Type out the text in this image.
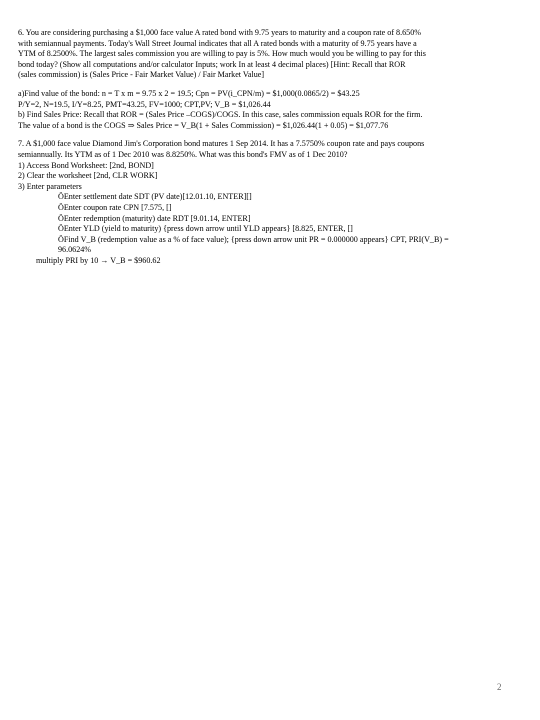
6. You are considering purchasing a $1,000 face value A rated bond with 9.75 years to maturity and a coupon rate of 8.650%

with semiannual payments. Today's Wall Street Journal indicates that all A rated bonds with a maturity of 9.75 years have a

YTM of 8.2500%. The largest sales commission you are willing to pay is 5%. How much would you be willing to pay for this

bond today? (Show all computations and/or calculator Inputs; work In at least 4 decimal places) [Hint: Recall that ROR

(sales commission) is (Sales Price - Fair Market Value) / Fair Market Value]

a)Find value of the bond: n = T x m = 9.75 x 2 = 19.5; Cpn = PV(i_CPN/m) = $1,000(0.0865/2) = $43.25

P/Y=2, N=19.5, I/Y=8.25, PMT=43.25, FV=1000; CPT,PV; V_B = $1,026.44

b) Find Sales Price: Recall that ROR = (Sales Price –COGS)/COGS. In this case, sales commission equals ROR for the firm.

The value of a bond is the COGS ⇒ Sales Price = V_B(1 + Sales Commission) = $1,026.44(1 + 0.05) = $1,077.76

7. A $1,000 face value Diamond Jim's Corporation bond matures 1 Sep 2014. It has a 7.5750% coupon rate and pays coupons

semiannually. Its YTM as of 1 Dec 2010 was 8.8250%. What was this bond's FMV as of 1 Dec 2010?

1) Access Bond Worksheet: [2nd, BOND]

2) Clear the worksheet [2nd, CLR WORK]

3) Enter parameters

ÖEnter settlement date SDT (PV date)[12.01.10, ENTER][]

ÖEnter coupon rate CPN [7.575, []

ÖEnter redemption (maturity) date RDT [9.01.14, ENTER]

ÖEnter YLD (yield to maturity) {press down arrow until YLD appears} [8.825, ENTER, []

ÖFind V_B (redemption value as a % of face value); {press down arrow unit PR = 0.000000 appears} CPT, PRI(V_B) =

96.0624%

multiply PRI by 10 → V_B = $960.62

2
